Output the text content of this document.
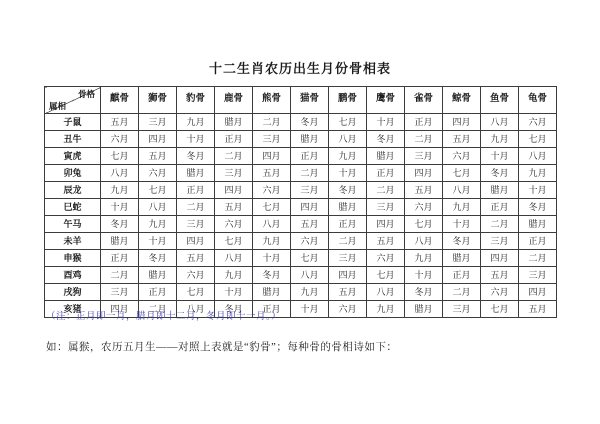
十二生肖农历出生月份骨相表
骨格
属相	麒骨	狮骨	豹骨	鹿骨	熊骨	猫骨	鹏骨	鹰骨	雀骨	鲸骨	鱼骨	龟骨
子鼠	五月	三月	九月	腊月	二月	冬月	七月	十月	正月	四月	八月	六月
丑牛	六月	四月	十月	正月	三月	腊月	八月	冬月	二月	五月	九月	七月
寅虎	七月	五月	冬月	二月	四月	正月	九月	腊月	三月	六月	十月	八月
卯兔	八月	六月	腊月	三月	五月	二月	十月	正月	四月	七月	冬月	九月
辰龙	九月	七月	正月	四月	六月	三月	冬月	二月	五月	八月	腊月	十月
巳蛇	十月	八月	二月	五月	七月	四月	腊月	三月	六月	九月	正月	冬月
午马	冬月	九月	三月	六月	八月	五月	正月	四月	七月	十月	二月	腊月
未羊	腊月	十月	四月	七月	九月	六月	二月	五月	八月	冬月	三月	正月
申猴	正月	冬月	五月	八月	十月	七月	三月	六月	九月	腊月	四月	二月
酉鸡	二月	腊月	六月	九月	冬月	八月	四月	七月	十月	正月	五月	三月
戌狗	三月	正月	七月	十月	腊月	九月	五月	八月	冬月	二月	六月	四月
亥猪	四月	二月	八月	冬月	正月	十月	六月	九月	腊月	三月	七月	五月
（注：正月即一月，腊月即十二月，冬月即十一月。）
如：属猴，农历五月生——对照上表就是“豹骨”；每种骨的骨相诗如下：
